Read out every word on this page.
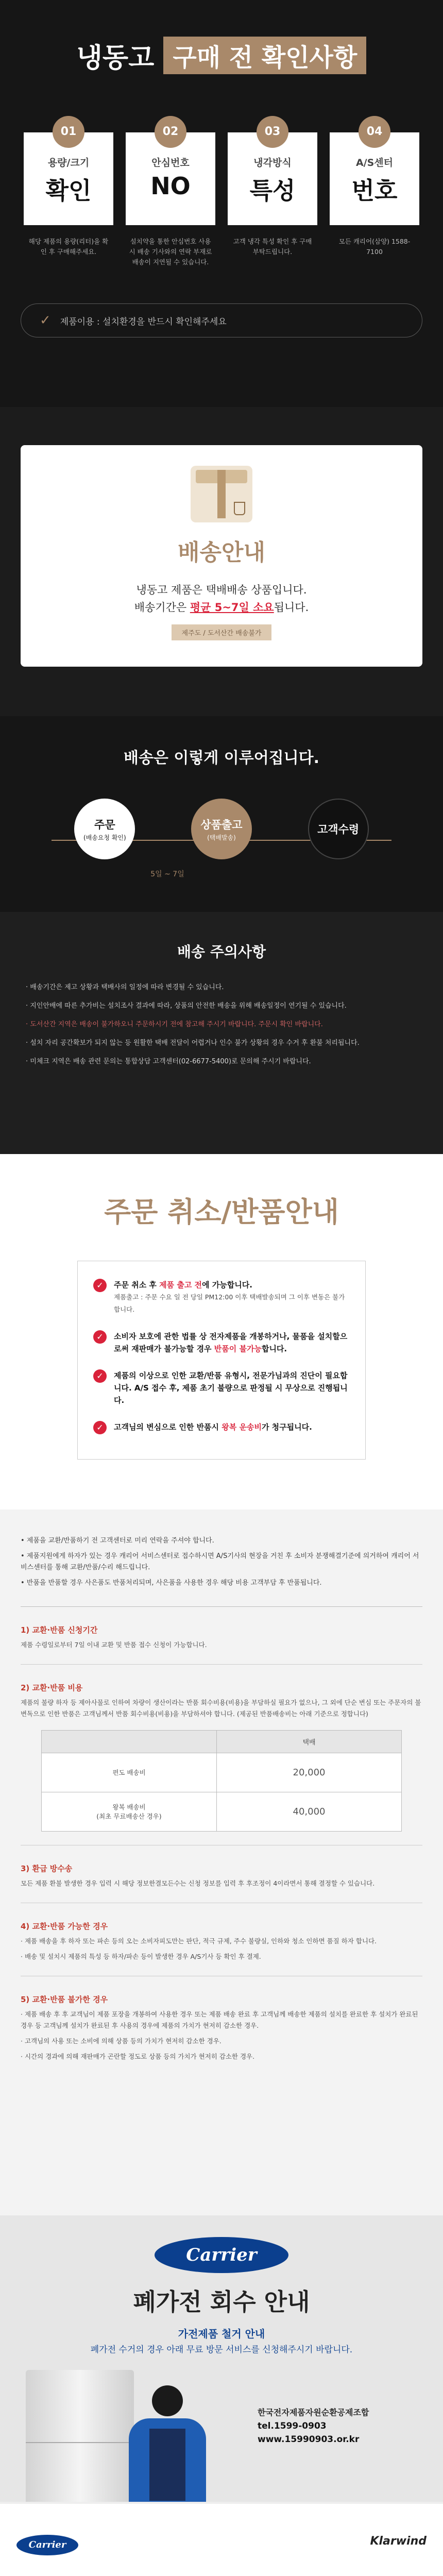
냉동고 구매 전 확인사항
01
용량/크기
확인
해당 제품의 용량(리터)을 확인 후 구매해주세요.
02
안심번호
NO
설치약을 통한 안심번호 사용시 배송 기사와의 연락 부재로 배송이 지연될 수 있습니다.
03
냉각방식
특성
고객 냉각 특성 확인 후 구매 부탁드립니다.
04
A/S센터
번호
모든 캐리어(삼양) 1588-7100
✓ 제품이용 : 설치환경을 반드시 확인해주세요
배송안내
냉동고 제품은 택배배송 상품입니다.
배송기간은 평균 5~7일 소요됩니다.
제주도 / 도서산간 배송불가
배송은 이렇게 이루어집니다.
주문
(배송요청 확인)
상품출고
(택배발송)
고객수령
5일 ~ 7일
배송 주의사항
· 배송기간은 제고 상황과 택배사의 일정에 따라 변경될 수 있습니다.
· 지인안배에 따른 추가비는 설치조사 결과에 따라, 상품의 안전한 배송을 위해 배송일정이 연기될 수 있습니다.
· 도서산간 지역은 배송이 불가하오니 주문하시기 전에 참고해 주시기 바랍니다. 주문시 확인 바랍니다.
· 설치 자리 공간확보가 되지 않는 등 원활한 택배 전달이 어렵거나 인수 불가 상황의 경우 수거 후 환불 처리됩니다.
· 미체크 지역은 배송 관련 문의는 통합상담 고객센터(02-6677-5400)로 문의해 주시기 바랍니다.
주문 취소/반품안내
✓	주문 취소 후 제품 출고 전에 가능합니다.
제품출고 : 주문 수요 일 전 당일 PM12:00 이후 택배발송되며 그 이후 변동은 불가합니다.

✓	소비자 보호에 관한 법률 상 전자제품을 개봉하거나, 물품을 설치할으로써 재판매가 불가능할 경우 반품이 불가능합니다.

✓	제품의 이상으로 인한 교환/반품 유형시, 전문가님과의 진단이 필요합니다. A/S 접수 후, 제품 초기 불량으로 판정될 시 무상으로 진행됩니다.

✓	고객님의 변심으로 인한 반품시 왕복 운송비가 청구됩니다.

• 제품을 교환/반품하기 전 고객센터로 미리 연락을 주셔야 합니다.
• 제품지원에게 하자가 있는 경우 캐리어 서비스센터로 접수하시면 A/S기사의 현장을 거친 후 소비자 분쟁해결기준에 의거하여 캐리어 서비스센터를 통해 교환/반품/수리 해드립니다.
• 반품을 반품할 경우 사은품도 반품처리되며, 사은품을 사용한 경우 해당 비용 고객부담 후 반품됩니다.
1) 교환·반품 신청기간
제품 수령일로부터 7일 이내 교환 및 반품 접수 신청이 가능합니다.
2) 교환·반품 비용
제품의 불량 하자 등 제아사물로 인하여 차량이 생산이라는 반품 회수비용(비용)을 부담하실 필요가 없으나, 그 외에 단순 변심 또는 주문자의 불변독으로 인한 반품은 고객님께서 반품 회수비용(비용)을 부담하셔야 합니다. (제공된 반품배송비는 아래 기준으로 정합니다)
	택배
편도 배송비	20,000
왕복 배송비
(최초 무료배송산 경우)	40,000
3) 환급 방수송
모든 제품 환불 발생한 경우 입력 시 해당 정보한결모든수는 신청 정보를 입력 후 후조정이 4이라면서 통해 결정할 수 있습니다.
4) 교환·반품 가능한 경우
· 제품 배송을 후 하자 또는 파손 등의 오는 소비자피도만는 판단, 적극 규제, 주수 불량실, 인하와 청소 인하면 품질 하자 합니다.
· 배송 및 설치시 제품의 특성 등 하자/파손 등이 발생한 경우 A/S기사 등 확인 후 결제.
5) 교환·반품 불가한 경우
· 제품 배송 후 후 교객님이 제품 포장을 개봉하여 사용한 경우 또는 제품 배송 완료 후 고객님께 배송한 제품의 설치를 완료한 후 설치가 완료된 경우 등 고객님께 설치가 완료된 후 사용의 경우에 제품의 가치가 현저히 감소한 경우.
· 고객님의 사용 또는 소비에 의해 상품 등의 가치가 현저히 감소한 경우.
· 시간의 경과에 의해 재판매가 곤란할 정도로 상품 등의 가치가 현저히 감소한 경우.
Carrier
폐가전 회수 안내
가전제품 철거 안내
폐가전 수거의 경우 아래 무료 방문 서비스를 신청해주시기 바랍니다.
한국전자제품자원순환공제조합
tel.1599-0903
www.15990903.or.kr
Carrier	Klarwind
